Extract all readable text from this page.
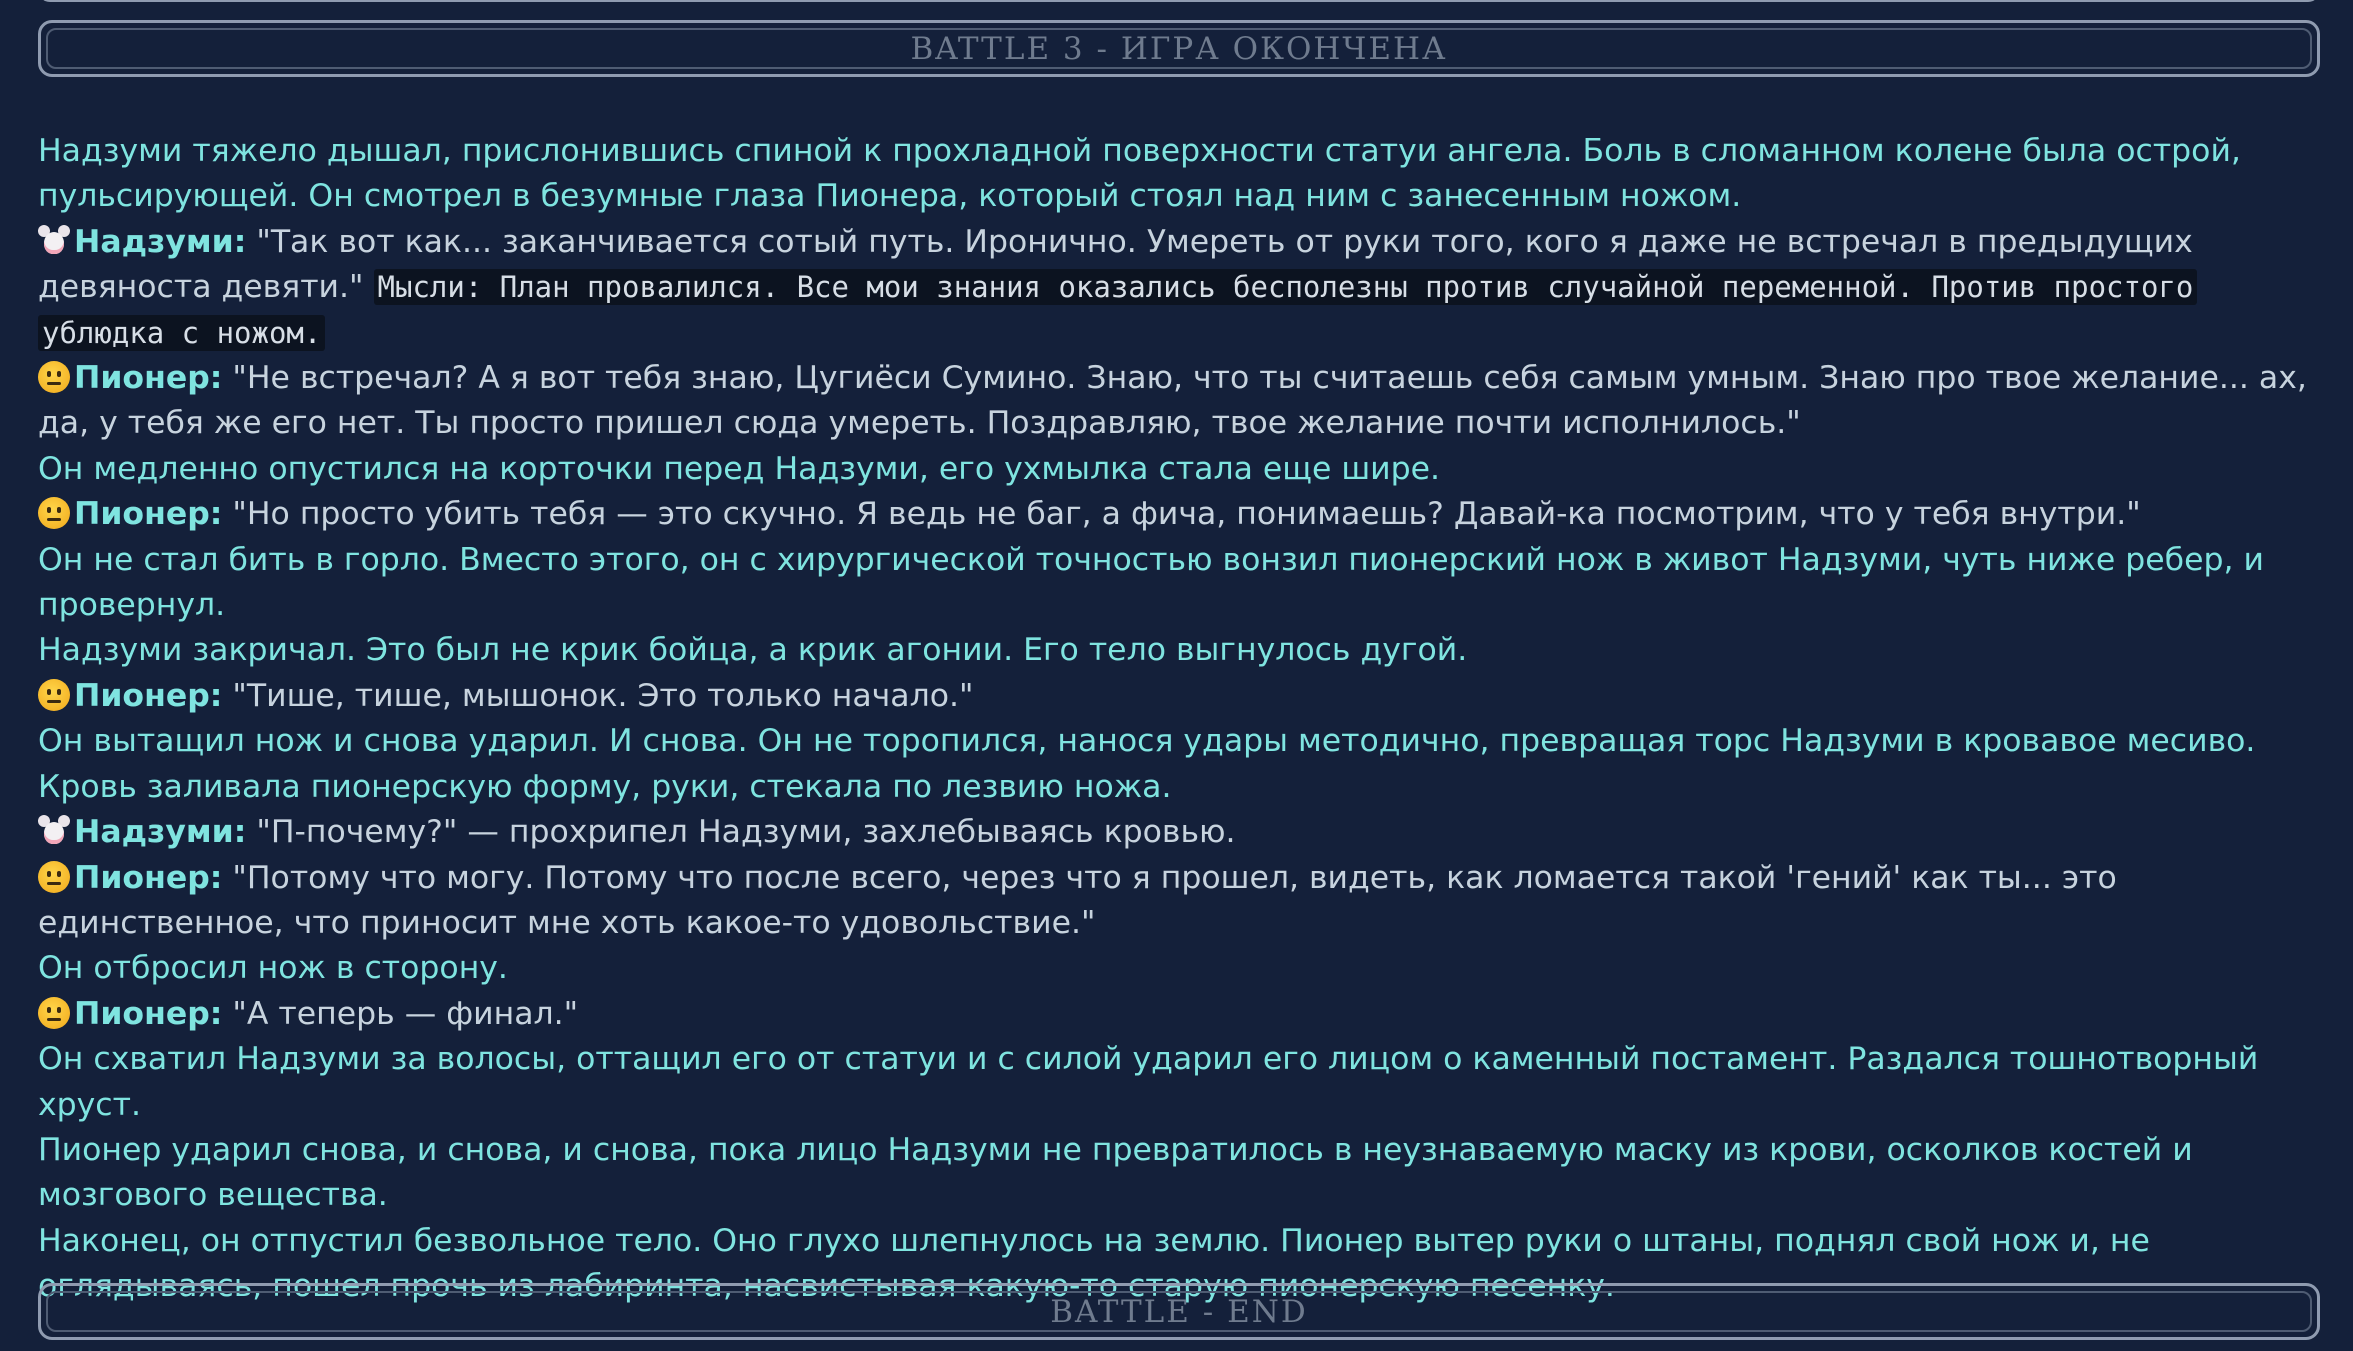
BATTLE 3 - ИГРА ОКОНЧЕНА

Надзуми тяжело дышал, прислонившись спиной к прохладной поверхности статуи ангела. Боль в сломанном колене была острой, пульсирующей. Он смотрел в безумные глаза Пионера, который стоял над ним с занесенным ножом.

Надзуми: "Так вот как... заканчивается сотый путь. Иронично. Умереть от руки того, кого я даже не встречал в предыдущих девяноста девяти." Мысли: План провалился. Все мои знания оказались бесполезны против случайной переменной. Против простого ублюдка с ножом.

Пионер: "Не встречал? А я вот тебя знаю, Цугиёси Сумино. Знаю, что ты считаешь себя самым умным. Знаю про твое желание... ах, да, у тебя же его нет. Ты просто пришел сюда умереть. Поздравляю, твое желание почти исполнилось."

Он медленно опустился на корточки перед Надзуми, его ухмылка стала еще шире.

Пионер: "Но просто убить тебя — это скучно. Я ведь не баг, а фича, понимаешь? Давай-ка посмотрим, что у тебя внутри."

Он не стал бить в горло. Вместо этого, он с хирургической точностью вонзил пионерский нож в живот Надзуми, чуть ниже ребер, и провернул.

Надзуми закричал. Это был не крик бойца, а крик агонии. Его тело выгнулось дугой.

Пионер: "Тише, тише, мышонок. Это только начало."

Он вытащил нож и снова ударил. И снова. Он не торопился, нанося удары методично, превращая торс Надзуми в кровавое месиво. Кровь заливала пионерскую форму, руки, стекала по лезвию ножа.

Надзуми: "П-почему?" — прохрипел Надзуми, захлебываясь кровью.

Пионер: "Потому что могу. Потому что после всего, через что я прошел, видеть, как ломается такой 'гений' как ты... это единственное, что приносит мне хоть какое-то удовольствие."

Он отбросил нож в сторону.

Пионер: "А теперь — финал."

Он схватил Надзуми за волосы, оттащил его от статуи и с силой ударил его лицом о каменный постамент. Раздался тошнотворный хруст.

Пионер ударил снова, и снова, и снова, пока лицо Надзуми не превратилось в неузнаваемую маску из крови, осколков костей и мозгового вещества.

Наконец, он отпустил безвольное тело. Оно глухо шлепнулось на землю. Пионер вытер руки о штаны, поднял свой нож и, не оглядываясь, пошел прочь из лабиринта, насвистывая какую-то старую пионерскую песенку.

BATTLE - END
